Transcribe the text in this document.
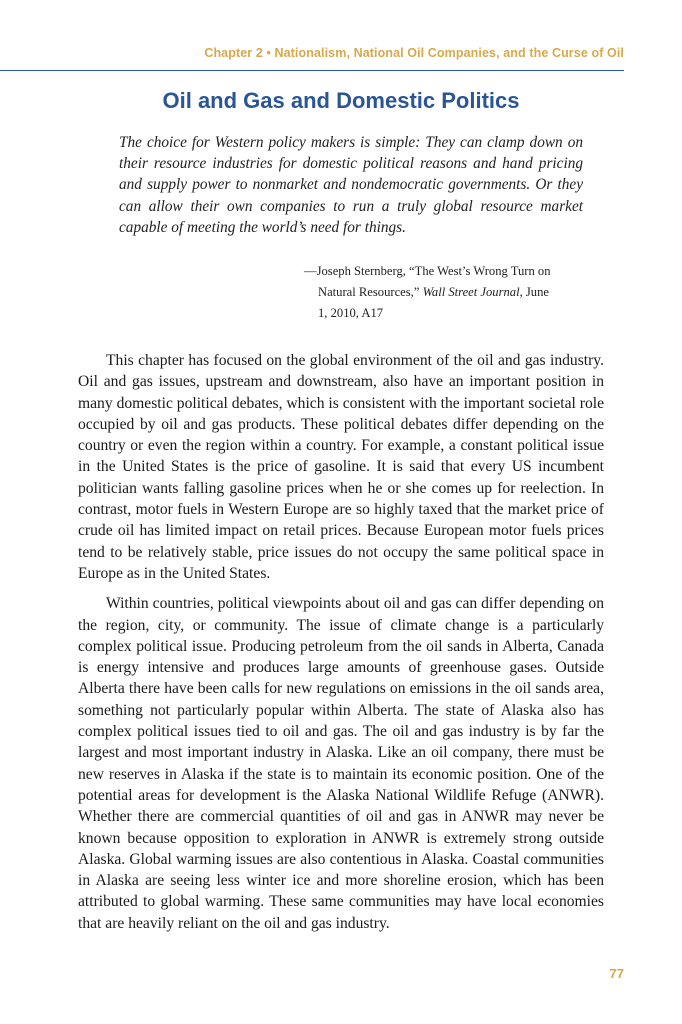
Chapter 2 • Nationalism, National Oil Companies, and the Curse of Oil
Oil and Gas and Domestic Politics

The choice for Western policy makers is simple: They can clamp down on their resource industries for domestic political reasons and hand pricing and supply power to nonmarket and nondemocratic governments. Or they can allow their own companies to run a truly global resource market capable of meeting the world’s need for things.

—Joseph Sternberg, “The West’s Wrong Turn on
Natural Resources,” Wall Street Journal, June
1, 2010, A17

This chapter has focused on the global environment of the oil and gas industry. Oil and gas issues, upstream and downstream, also have an important position in many domestic political debates, which is consistent with the important societal role occupied by oil and gas products. These political debates differ depending on the country or even the region within a country. For example, a constant political issue in the United States is the price of gasoline. It is said that every US incumbent politician wants falling gasoline prices when he or she comes up for reelection. In contrast, motor fuels in Western Europe are so highly taxed that the market price of crude oil has limited impact on retail prices. Because European motor fuels prices tend to be relatively stable, price issues do not occupy the same political space in Europe as in the United States.

Within countries, political viewpoints about oil and gas can differ depending on the region, city, or community. The issue of climate change is a particularly complex political issue. Producing petroleum from the oil sands in Alberta, Canada is energy intensive and produces large amounts of greenhouse gases. Outside Alberta there have been calls for new regulations on emissions in the oil sands area, something not particularly popular within Alberta. The state of Alaska also has complex political issues tied to oil and gas. The oil and gas industry is by far the largest and most important industry in Alaska. Like an oil company, there must be new reserves in Alaska if the state is to maintain its economic position. One of the potential areas for development is the Alaska National Wildlife Refuge (ANWR). Whether there are commercial quantities of oil and gas in ANWR may never be known because opposition to exploration in ANWR is extremely strong outside Alaska. Global warming issues are also contentious in Alaska. Coastal communities in Alaska are seeing less winter ice and more shoreline erosion, which has been attributed to global warming. These same communities may have local economies that are heavily reliant on the oil and gas industry.

77
